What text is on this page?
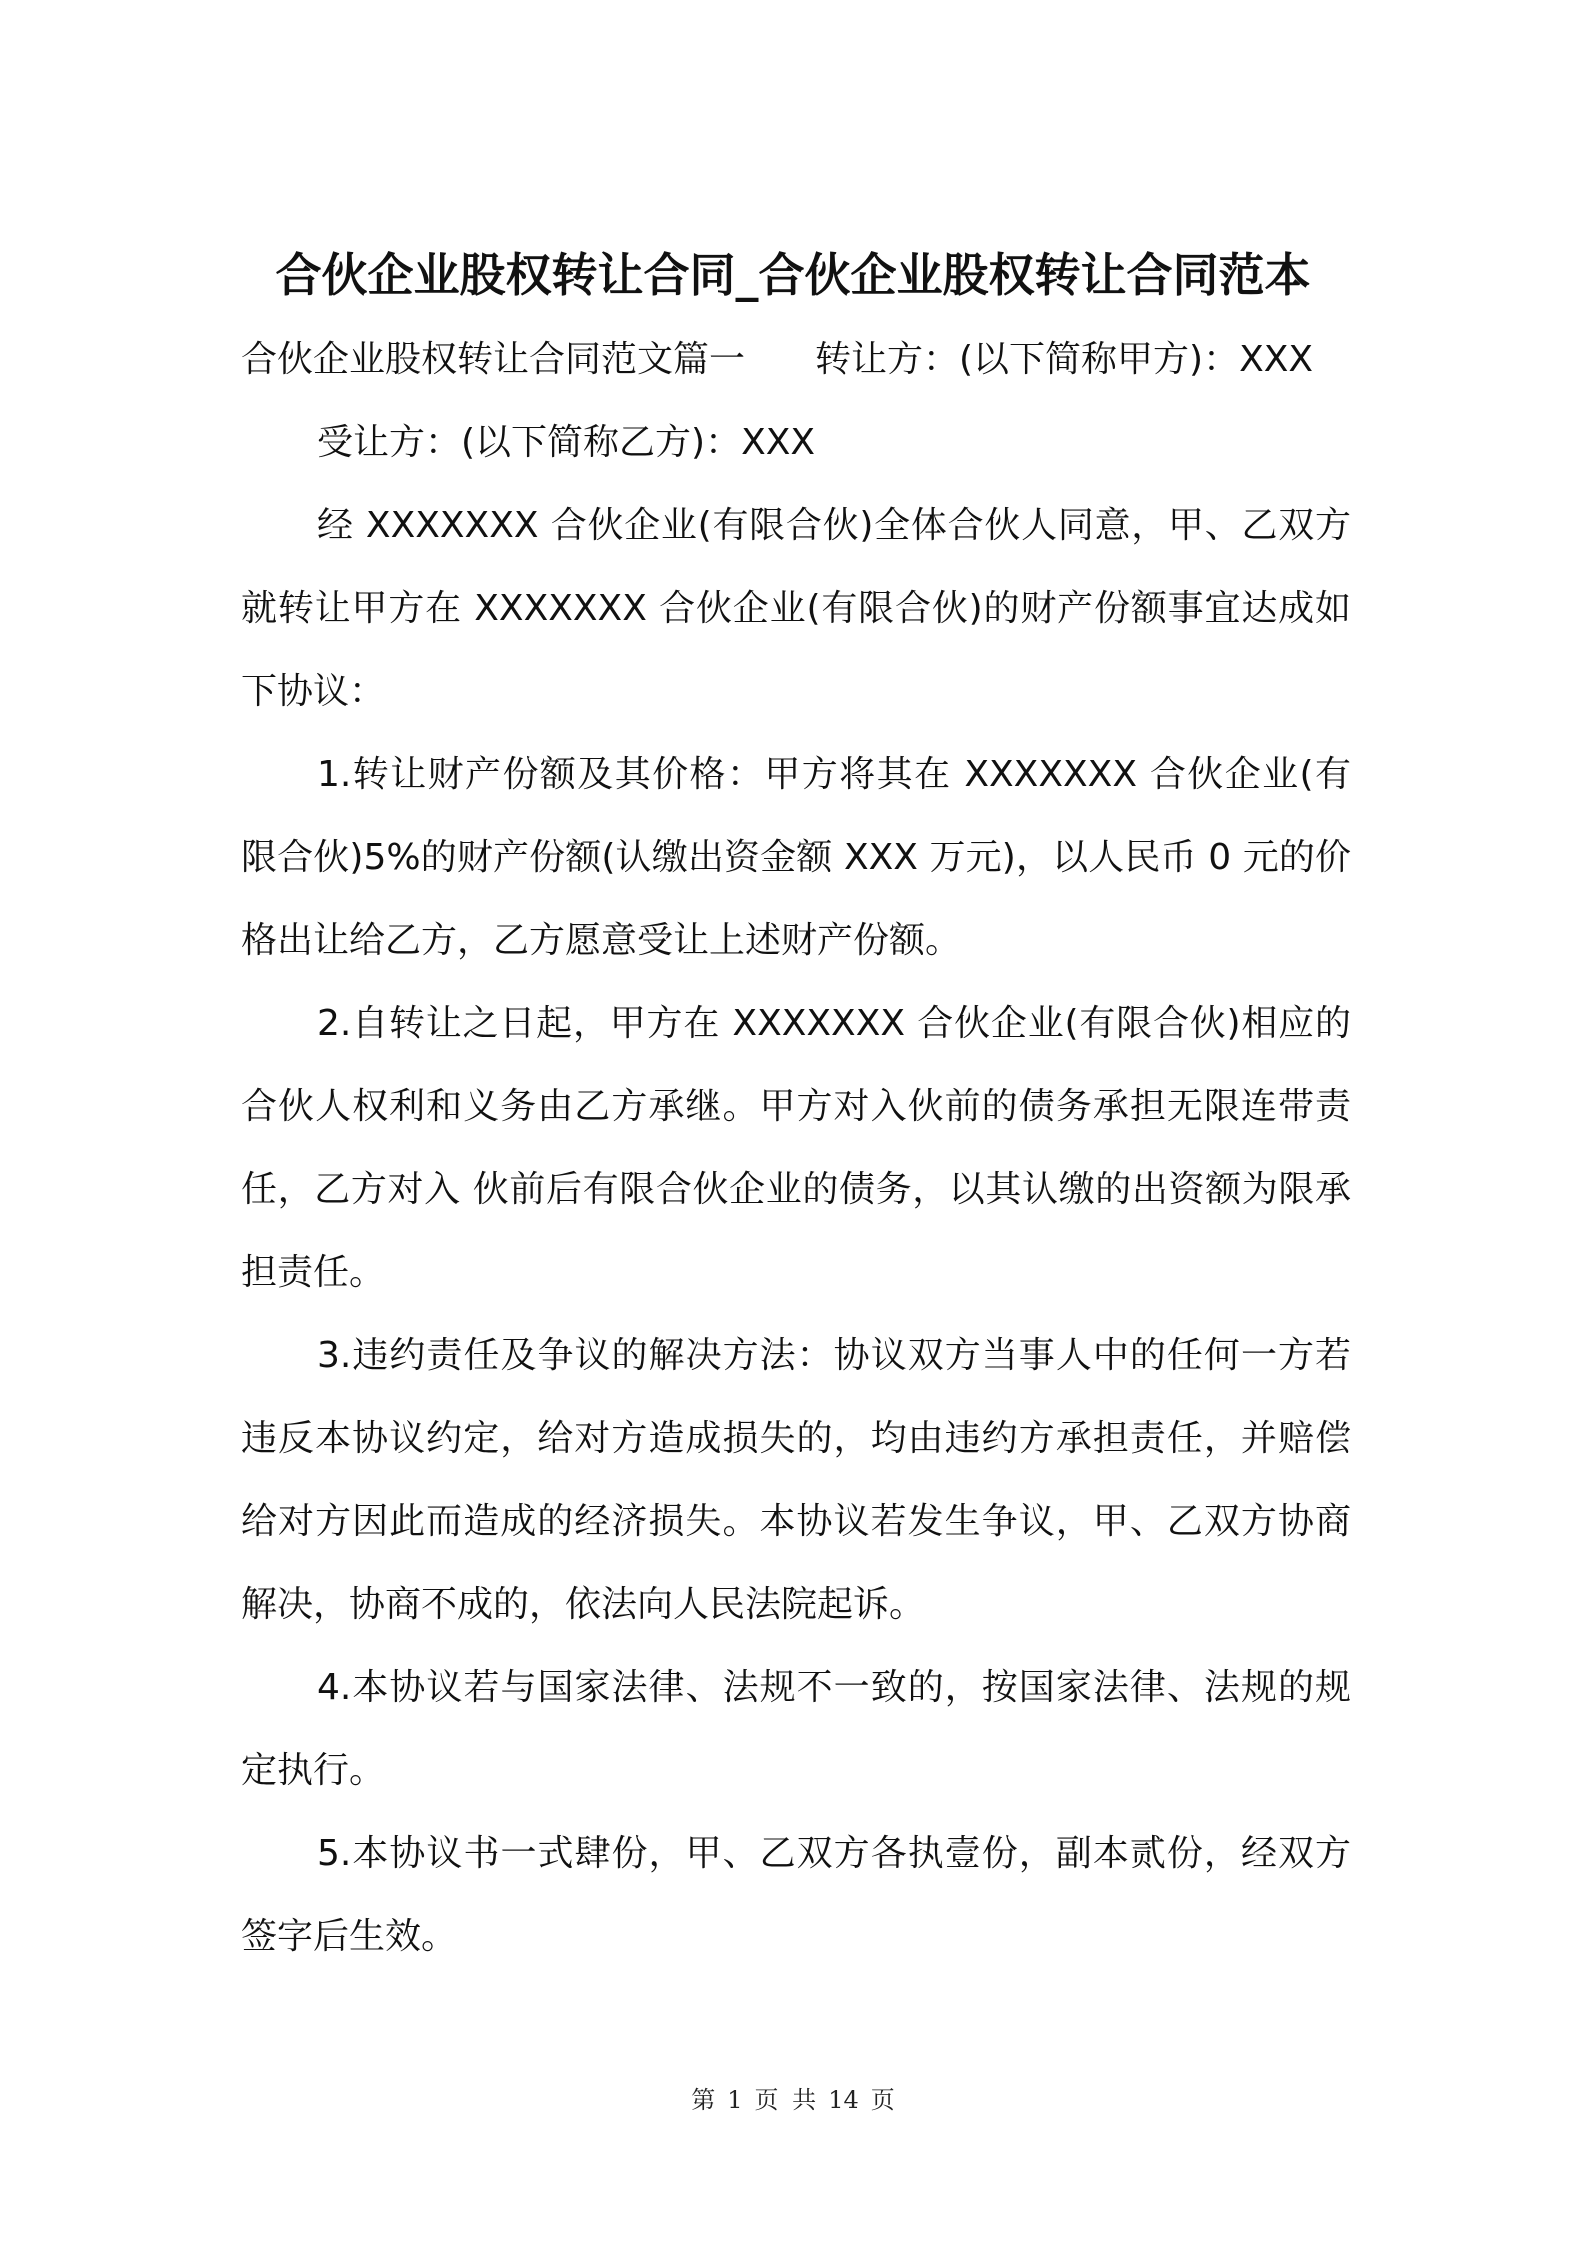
合伙企业股权转让合同_合伙企业股权转让合同范本

合伙企业股权转让合同范文篇一 转让方：(以下简称甲方)：XXX

受让方：(以下简称乙方)：XXX

经 XXXXXXX 合伙企业(有限合伙)全体合伙人同意，甲、乙双方就转让甲方在 XXXXXXX 合伙企业(有限合伙)的财产份额事宜达成如下协议：

1.转让财产份额及其价格：甲方将其在 XXXXXXX 合伙企业(有限合伙)5%的财产份额(认缴出资金额 XXX 万元)，以人民币 0 元的价格出让给乙方，乙方愿意受让上述财产份额。

2.自转让之日起，甲方在 XXXXXXX 合伙企业(有限合伙)相应的合伙人权利和义务由乙方承继。甲方对入伙前的债务承担无限连带责任，乙方对入 伙前后有限合伙企业的债务，以其认缴的出资额为限承担责任。

3.违约责任及争议的解决方法：协议双方当事人中的任何一方若违反本协议约定，给对方造成损失的，均由违约方承担责任，并赔偿给对方因此而造成的经济损失。本协议若发生争议，甲、乙双方协商解决，协商不成的，依法向人民法院起诉。

4.本协议若与国家法律、法规不一致的，按国家法律、法规的规定执行。

5.本协议书一式肆份，甲、乙双方各执壹份，副本贰份，经双方签字后生效。

第 1 页 共 14 页
